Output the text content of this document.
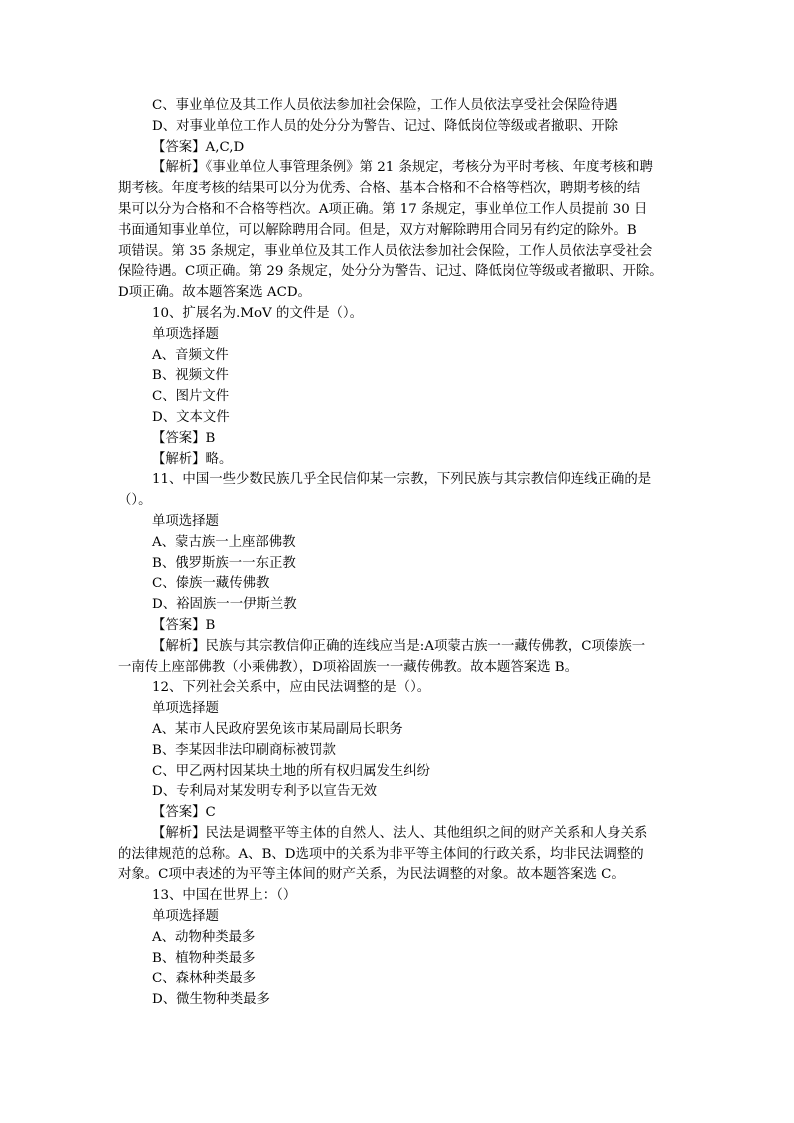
C、事业单位及其工作人员依法参加社会保险，工作人员依法享受社会保险待遇
D、对事业单位工作人员的处分分为警告、记过、降低岗位等级或者撤职、开除
【答案】A,C,D
【解析】《事业单位人事管理条例》第 21 条规定，考核分为平时考核、年度考核和聘
期考核。年度考核的结果可以分为优秀、合格、基本合格和不合格等档次，聘期考核的结
果可以分为合格和不合格等档次。A项正确。第 17 条规定，事业单位工作人员提前 30 日
书面通知事业单位，可以解除聘用合同。但是，双方对解除聘用合同另有约定的除外。B
项错误。第 35 条规定，事业单位及其工作人员依法参加社会保险，工作人员依法享受社会
保险待遇。C项正确。第 29 条规定，处分分为警告、记过、降低岗位等级或者撤职、开除。
D项正确。故本题答案选 ACD。
10、扩展名为.MoV 的文件是（）。
单项选择题
A、音频文件
B、视频文件
C、图片文件
D、文本文件
【答案】B
【解析】略。
11、中国一些少数民族几乎全民信仰某一宗教，下列民族与其宗教信仰连线正确的是
（）。
单项选择题
A、蒙古族一上座部佛教
B、俄罗斯族一一东正教
C、傣族一藏传佛教
D、裕固族一一伊斯兰教
【答案】B
【解析】民族与其宗教信仰正确的连线应当是:A项蒙古族一一藏传佛教，C项傣族一
一南传上座部佛教（小乘佛教），D项裕固族一一藏传佛教。故本题答案选 B。
12、下列社会关系中，应由民法调整的是（）。
单项选择题
A、某市人民政府罢免该市某局副局长职务
B、李某因非法印刷商标被罚款
C、甲乙两村因某块土地的所有权归属发生纠纷
D、专利局对某发明专利予以宣告无效
【答案】C
【解析】民法是调整平等主体的自然人、法人、其他组织之间的财产关系和人身关系
的法律规范的总称。A、B、D选项中的关系为非平等主体间的行政关系，均非民法调整的
对象。C项中表述的为平等主体间的财产关系，为民法调整的对象。故本题答案选 C。
13、中国在世界上：（）
单项选择题
A、动物种类最多
B、植物种类最多
C、森林种类最多
D、微生物种类最多
